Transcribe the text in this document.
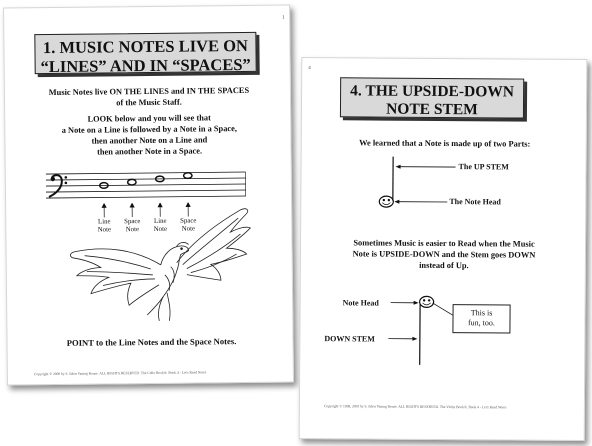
1
1. MUSIC NOTES LIVE ON
“LINES” AND IN “SPACES”
Music Notes live ON THE LINES and IN THE SPACES
of the Music Staff.
LOOK below and you will see that
a Note on a Line is followed by a Note in a Space,
then another Note on a Line and
then another Note in a Space.
Line
Note
Space
Note
Line
Note
Space
Note
POINT to the Line Notes and the Space Notes.
Copyright © 2000 by S. Eden Vaning Rouse. ALL RIGHTS RESERVED. The Cello Book®, Book 4 - Let's Read Notes
4
4. THE UPSIDE-DOWN
NOTE STEM
We learned that a Note is made up of two Parts:
The UP STEM
The Note Head
Sometimes Music is easier to Read when the Music
Note is UPSIDE-DOWN and the Stem goes DOWN
instead of Up.
Note Head
DOWN STEM
This is
fun, too.
Copyright © 1998, 2003 by S. Eden Vaning Rouse. ALL RIGHTS RESERVED. The Violin Book®, Book 4 - Let's Read Notes
